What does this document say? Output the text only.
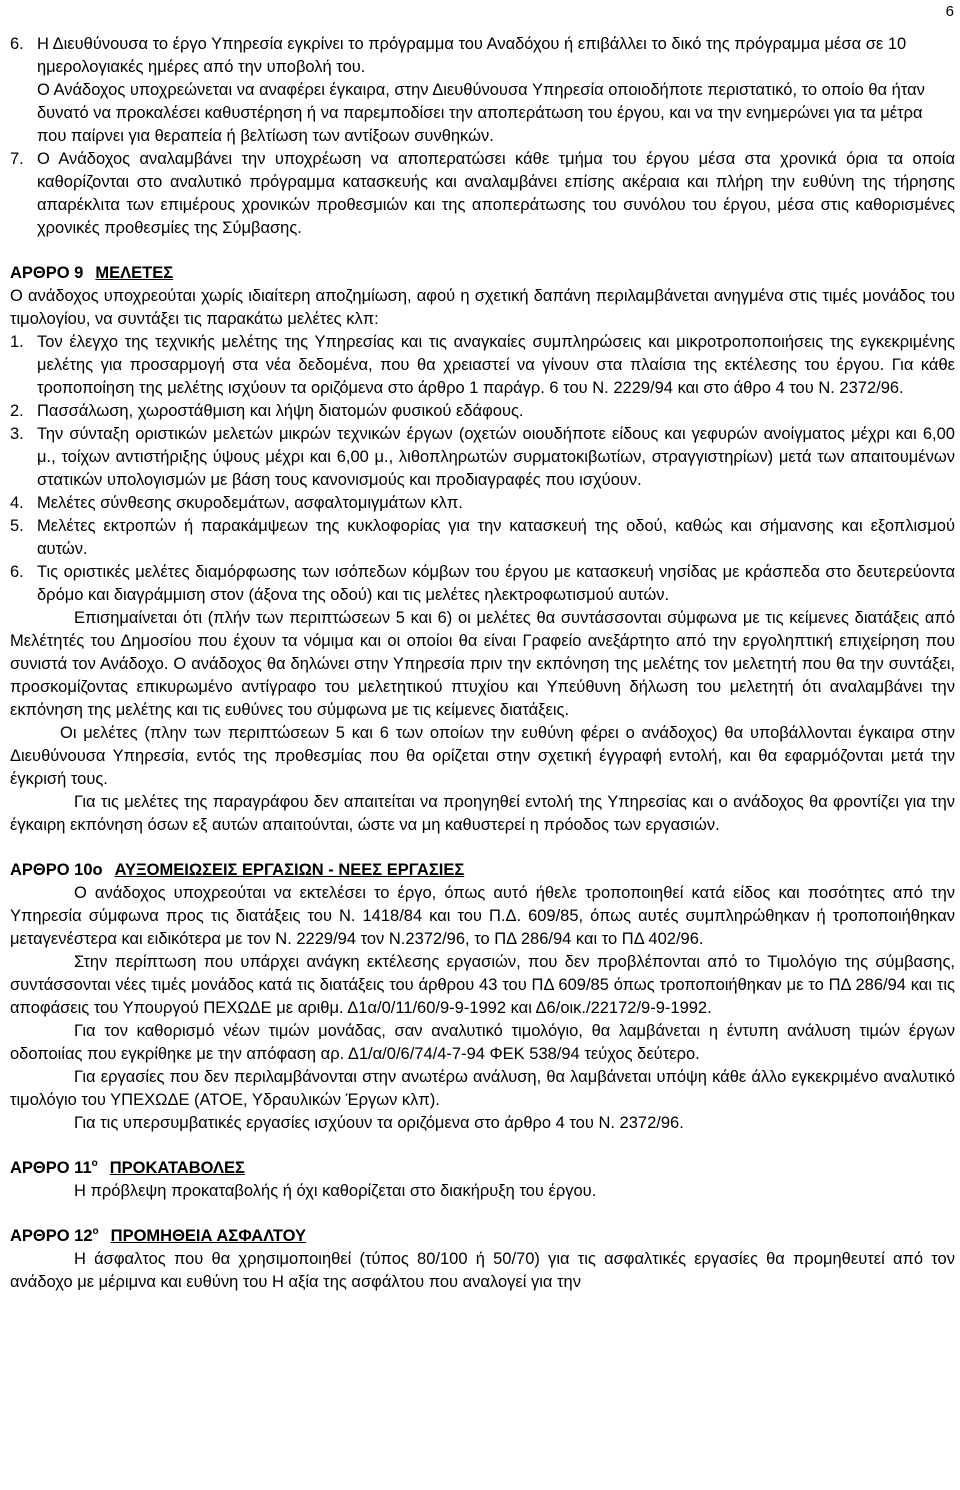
6

6. Η Διευθύνουσα το έργο Υπηρεσία εγκρίνει το πρόγραμμα του Αναδόχου ή επιβάλλει το δικό της πρόγραμμα μέσα σε 10 ημερολογιακές ημέρες από την υποβολή του.

Ο Ανάδοχος υποχρεώνεται να αναφέρει έγκαιρα, στην Διευθύνουσα Υπηρεσία οποιοδήποτε περιστατικό, το οποίο θα ήταν δυνατό να προκαλέσει καθυστέρηση ή να παρεμποδίσει την αποπεράτωση του έργου, και να την ενημερώνει για τα μέτρα που παίρνει για θεραπεία ή βελτίωση των αντίξοων συνθηκών.

7. Ο Ανάδοχος αναλαμβάνει την υποχρέωση να αποπερατώσει κάθε τμήμα του έργου μέσα στα χρονικά όρια τα οποία καθορίζονται στο αναλυτικό πρόγραμμα κατασκευής και αναλαμβάνει επίσης ακέραια και πλήρη την ευθύνη της τήρησης απαρέκλιτα των επιμέρους χρονικών προθεσμιών και της αποπεράτωσης του συνόλου του έργου, μέσα στις καθορισμένες χρονικές προθεσμίες της Σύμβασης.

ΑΡΘΡΟ 9 ΜΕΛΕΤΕΣ

Ο ανάδοχος υποχρεούται χωρίς ιδιαίτερη αποζημίωση, αφού η σχετική δαπάνη περιλαμβάνεται ανηγμένα στις τιμές μονάδος του τιμολογίου, να συντάξει τις παρακάτω μελέτες κλπ:

1. Τον έλεγχο της τεχνικής μελέτης της Υπηρεσίας και τις αναγκαίες συμπληρώσεις και μικροτροποποιήσεις της εγκεκριμένης μελέτης για προσαρμογή στα νέα δεδομένα, που θα χρειαστεί να γίνουν στα πλαίσια της εκτέλεσης του έργου. Για κάθε τροποποίηση της μελέτης ισχύουν τα οριζόμενα στο άρθρο 1 παράγρ. 6 του Ν. 2229/94 και στο άθρο 4 του Ν. 2372/96.

2. Πασσάλωση, χωροστάθμιση και λήψη διατομών φυσικού εδάφους.

3. Την σύνταξη οριστικών μελετών μικρών τεχνικών έργων (οχετών οιουδήποτε είδους και γεφυρών ανοίγματος μέχρι και 6,00 μ., τοίχων αντιστήριξης ύψους μέχρι και 6,00 μ., λιθοπληρωτών συρματοκιβωτίων, στραγγιστηρίων) μετά των απαιτουμένων στατικών υπολογισμών με βάση τους κανονισμούς και προδιαγραφές που ισχύουν.

4. Μελέτες σύνθεσης σκυροδεμάτων, ασφαλτομιγμάτων κλπ.

5. Μελέτες εκτροπών ή παρακάμψεων της κυκλοφορίας για την κατασκευή της οδού, καθώς και σήμανσης και εξοπλισμού αυτών.

6. Τις οριστικές μελέτες διαμόρφωσης των ισόπεδων κόμβων του έργου με κατασκευή νησίδας με κράσπεδα στο δευτερεύοντα δρόμο και διαγράμμιση στον (άξονα της οδού) και τις μελέτες ηλεκτροφωτισμού αυτών.

Επισημαίνεται ότι (πλήν των περιπτώσεων 5 και 6) οι μελέτες θα συντάσσονται σύμφωνα με τις κείμενες διατάξεις από Μελέτητές του Δημοσίου που έχουν τα νόμιμα και οι οποίοι θα είναι Γραφείο ανεξάρτητο από την εργοληπτική επιχείρηση που συνιστά τον Ανάδοχο. Ο ανάδοχος θα δηλώνει στην Υπηρεσία πριν την εκπόνηση της μελέτης τον μελετητή που θα την συντάξει, προσκομίζοντας επικυρωμένο αντίγραφο του μελετητικού πτυχίου και Υπεύθυνη δήλωση του μελετητή ότι αναλαμβάνει την εκπόνηση της μελέτης και τις ευθύνες του σύμφωνα με τις κείμενες διατάξεις.

Οι μελέτες (πλην των περιπτώσεων 5 και 6 των οποίων την ευθύνη φέρει ο ανάδοχος) θα υποβάλλονται έγκαιρα στην Διευθύνουσα Υπηρεσία, εντός της προθεσμίας που θα ορίζεται στην σχετική έγγραφή εντολή, και θα εφαρμόζονται μετά την έγκρισή τους.

Για τις μελέτες της παραγράφου δεν απαιτείται να προηγηθεί εντολή της Υπηρεσίας και ο ανάδοχος θα φροντίζει για την έγκαιρη εκπόνηση όσων εξ αυτών απαιτούνται, ώστε να μη καθυστερεί η πρόοδος των εργασιών.

ΑΡΘΡΟ 10ο ΑΥΞΟΜΕΙΩΣΕΙΣ ΕΡΓΑΣΙΩΝ - ΝΕΕΣ ΕΡΓΑΣΙΕΣ

Ο ανάδοχος υποχρεούται να εκτελέσει το έργο, όπως αυτό ήθελε τροποποιηθεί κατά είδος και ποσότητες από την Υπηρεσία σύμφωνα προς τις διατάξεις του Ν. 1418/84 και του Π.Δ. 609/85, όπως αυτές συμπληρώθηκαν ή τροποποιήθηκαν μεταγενέστερα και ειδικότερα με τον Ν. 2229/94 τον Ν.2372/96, το ΠΔ 286/94 και το ΠΔ 402/96.

Στην περίπτωση που υπάρχει ανάγκη εκτέλεσης εργασιών, που δεν προβλέπονται από το Τιμολόγιο της σύμβασης, συντάσσονται νέες τιμές μονάδος κατά τις διατάξεις του άρθρου 43 του ΠΔ 609/85 όπως τροποποιήθηκαν με το ΠΔ 286/94 και τις αποφάσεις του Υπουργού ΠΕΧΩΔΕ με αριθμ. Δ1α/0/11/60/9-9-1992 και Δ6/οικ./22172/9-9-1992.

Για τον καθορισμό νέων τιμών μονάδας, σαν αναλυτικό τιμολόγιο, θα λαμβάνεται η έντυπη ανάλυση τιμών έργων οδοποιίας που εγκρίθηκε με την απόφαση αρ. Δ1/α/0/6/74/4-7-94 ΦΕΚ 538/94 τεύχος δεύτερο.

Για εργασίες που δεν περιλαμβάνονται στην ανωτέρω ανάλυση, θα λαμβάνεται υπόψη κάθε άλλο εγκεκριμένο αναλυτικό τιμολόγιο του ΥΠΕΧΩΔΕ (ΑΤΟΕ, Υδραυλικών Έργων κλπ).

Για τις υπερσυμβατικές εργασίες ισχύουν τα οριζόμενα στο άρθρο 4 του Ν. 2372/96.

ΑΡΘΡΟ $11^o$ ΠΡΟΚΑΤΑΒΟΛΕΣ

Η πρόβλεψη προκαταβολής ή όχι καθορίζεται στο διακήρυξη του έργου.

ΑΡΘΡΟ $12^o$ ΠΡΟΜΗΘΕΙΑ ΑΣΦΑΛΤΟΥ

Η άσφαλτος που θα χρησιμοποιηθεί (τύπος 80/100 ή 50/70) για τις ασφαλτικές εργασίες θα προμηθευτεί από τον ανάδοχο με μέριμνα και ευθύνη του Η αξία της ασφάλτου που αναλογεί για την
